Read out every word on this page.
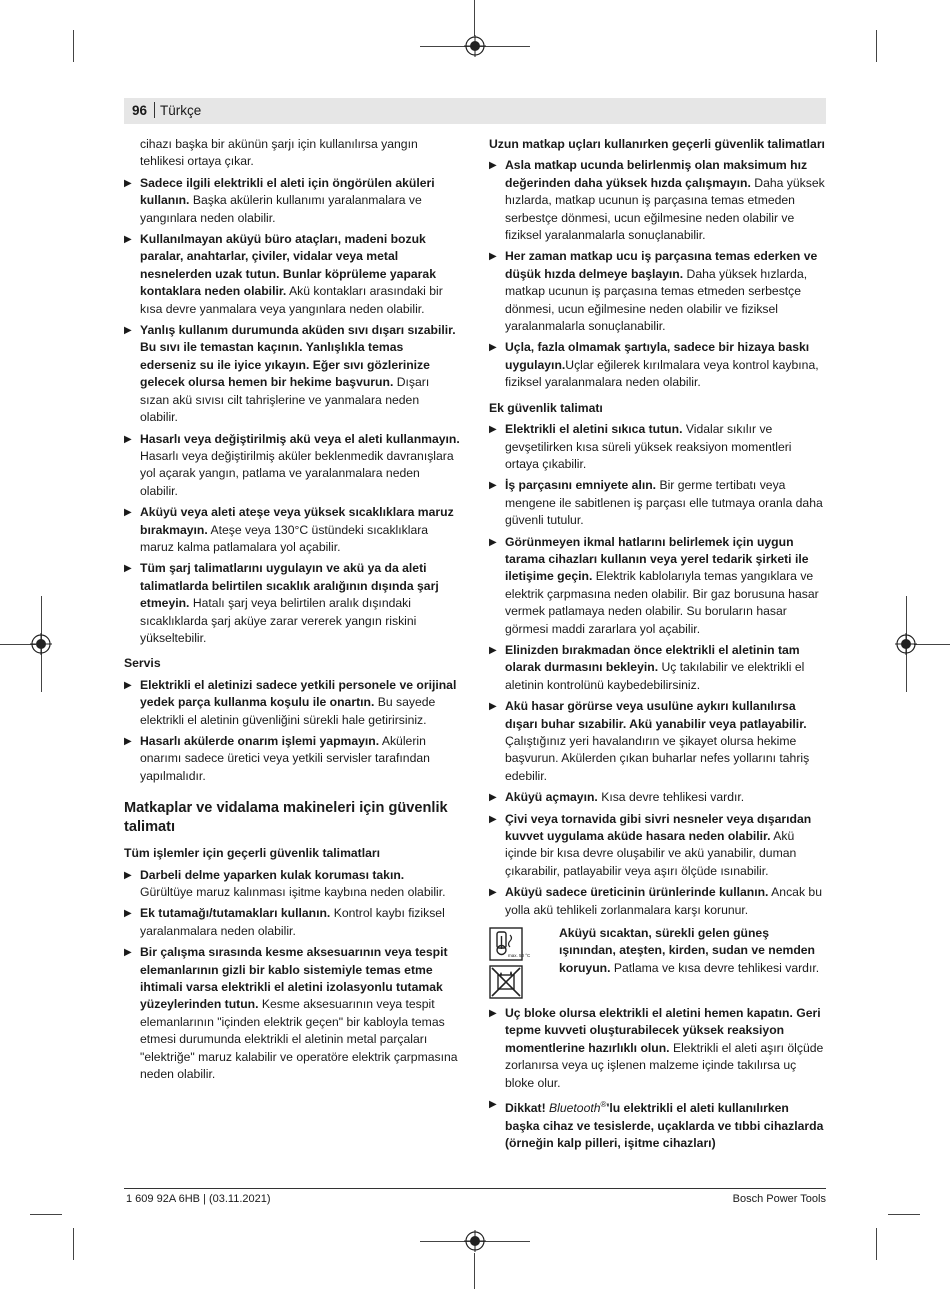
96 Türkçe

cihazı başka bir akünün şarjı için kullanılırsa yangın tehlikesi ortaya çıkar.

▶ Sadece ilgili elektrikli el aleti için öngörülen aküleri kullanın. Başka akülerin kullanımı yaralanmalara ve yangınlara neden olabilir.
▶ Kullanılmayan aküyü büro ataçları, madeni bozuk paralar, anahtarlar, çiviler, vidalar veya metal nesnelerden uzak tutun. Bunlar köprüleme yaparak kontaklara neden olabilir. Akü kontakları arasındaki bir kısa devre yanmalara veya yangınlara neden olabilir.
▶ Yanlış kullanım durumunda aküden sıvı dışarı sızabilir. Bu sıvı ile temastan kaçının. Yanlışlıkla temas ederseniz su ile iyice yıkayın. Eğer sıvı gözlerinize gelecek olursa hemen bir hekime başvurun. Dışarı sızan akü sıvısı cilt tahrişlerine ve yanmalara neden olabilir.
▶ Hasarlı veya değiştirilmiş akü veya el aleti kullanmayın. Hasarlı veya değiştirilmiş aküler beklenmedik davranışlara yol açarak yangın, patlama ve yaralanmalara neden olabilir.
▶ Aküyü veya aleti ateşe veya yüksek sıcaklıklara maruz bırakmayın. Ateşe veya 130°C üstündeki sıcaklıklara maruz kalma patlamalara yol açabilir.
▶ Tüm şarj talimatlarını uygulayın ve akü ya da aleti talimatlarda belirtilen sıcaklık aralığının dışında şarj etmeyin. Hatalı şarj veya belirtilen aralık dışındaki sıcaklıklarda şarj aküye zarar vererek yangın riskini yükseltebilir.

Servis

▶ Elektrikli el aletinizi sadece yetkili personele ve orijinal yedek parça kullanma koşulu ile onartın. Bu sayede elektrikli el aletinin güvenliğini sürekli hale getirirsiniz.
▶ Hasarlı akülerde onarım işlemi yapmayın. Akülerin onarımı sadece üretici veya yetkili servisler tarafından yapılmalıdır.

Matkaplar ve vidalama makineleri için güvenlik talimatı

Tüm işlemler için geçerli güvenlik talimatları

▶ Darbeli delme yaparken kulak koruması takın. Gürültüye maruz kalınması işitme kaybına neden olabilir.
▶ Ek tutamağı/tutamakları kullanın. Kontrol kaybı fiziksel yaralanmalara neden olabilir.
▶ Bir çalışma sırasında kesme aksesuarının veya tespit elemanlarının gizli bir kablo sistemiyle temas etme ihtimali varsa elektrikli el aletini izolasyonlu tutamak yüzeylerinden tutun. Kesme aksesuarının veya tespit elemanlarının "içinden elektrik geçen" bir kabloyla temas etmesi durumunda elektrikli el aletinin metal parçaları "elektriğe" maruz kalabilir ve operatöre elektrik çarpmasına neden olabilir.

Uzun matkap uçları kullanırken geçerli güvenlik talimatları

▶ Asla matkap ucunda belirlenmiş olan maksimum hız değerinden daha yüksek hızda çalışmayın. Daha yüksek hızlarda, matkap ucunun iş parçasına temas etmeden serbestçe dönmesi, ucun eğilmesine neden olabilir ve fiziksel yaralanmalarla sonuçlanabilir.
▶ Her zaman matkap ucu iş parçasına temas ederken ve düşük hızda delmeye başlayın. Daha yüksek hızlarda, matkap ucunun iş parçasına temas etmeden serbestçe dönmesi, ucun eğilmesine neden olabilir ve fiziksel yaralanmalarla sonuçlanabilir.
▶ Uçla, fazla olmamak şartıyla, sadece bir hizaya baskı uygulayın.Uçlar eğilerek kırılmalara veya kontrol kaybına, fiziksel yaralanmalara neden olabilir.

Ek güvenlik talimatı

▶ Elektrikli el aletini sıkıca tutun. Vidalar sıkılır ve gevşetilirken kısa süreli yüksek reaksiyon momentleri ortaya çıkabilir.
▶ İş parçasını emniyete alın. Bir germe tertibatı veya mengene ile sabitlenen iş parçası elle tutmaya oranla daha güvenli tutulur.
▶ Görünmeyen ikmal hatlarını belirlemek için uygun tarama cihazları kullanın veya yerel tedarik şirketi ile iletişime geçin. Elektrik kablolarıyla temas yangıklara ve elektrik çarpmasına neden olabilir. Bir gaz borusuna hasar vermek patlamaya neden olabilir. Su boruların hasar görmesi maddi zararlara yol açabilir.
▶ Elinizden bırakmadan önce elektrikli el aletinin tam olarak durmasını bekleyin. Uç takılabilir ve elektrikli el aletinin kontrolünü kaybedebilirsiniz.
▶ Akü hasar görürse veya usulüne aykırı kullanılırsa dışarı buhar sızabilir. Akü yanabilir veya patlayabilir. Çalıştığınız yeri havalandırın ve şikayet olursa hekime başvurun. Akülerden çıkan buharlar nefes yollarını tahriş edebilir.
▶ Aküyü açmayın. Kısa devre tehlikesi vardır.
▶ Çivi veya tornavida gibi sivri nesneler veya dışarıdan kuvvet uygulama aküde hasara neden olabilir. Akü içinde bir kısa devre oluşabilir ve akü yanabilir, duman çıkarabilir, patlayabilir veya aşırı ölçüde ısınabilir.
▶ Aküyü sadece üreticinin ürünlerinde kullanın. Ancak bu yolla akü tehlikeli zorlanmalara karşı korunur.
max. 50 °C

Aküyü sıcaktan, sürekli gelen güneş ışınından, ateşten, kirden, sudan ve nemden koruyun. Patlama ve kısa devre tehlikesi vardır.

▶ Uç bloke olursa elektrikli el aletini hemen kapatın. Geri tepme kuvveti oluşturabilecek yüksek reaksiyon momentlerine hazırlıklı olun. Elektrikli el aleti aşırı ölçüde zorlanırsa veya uç işlenen malzeme içinde takılırsa uç bloke olur.
▶ Dikkat! Bluetooth®'lu elektrikli el aleti kullanılırken başka cihaz ve tesislerde, uçaklarda ve tıbbi cihazlarda (örneğin kalp pilleri, işitme cihazları)
1 609 92A 6HB | (03.11.2021)	Bosch Power Tools
